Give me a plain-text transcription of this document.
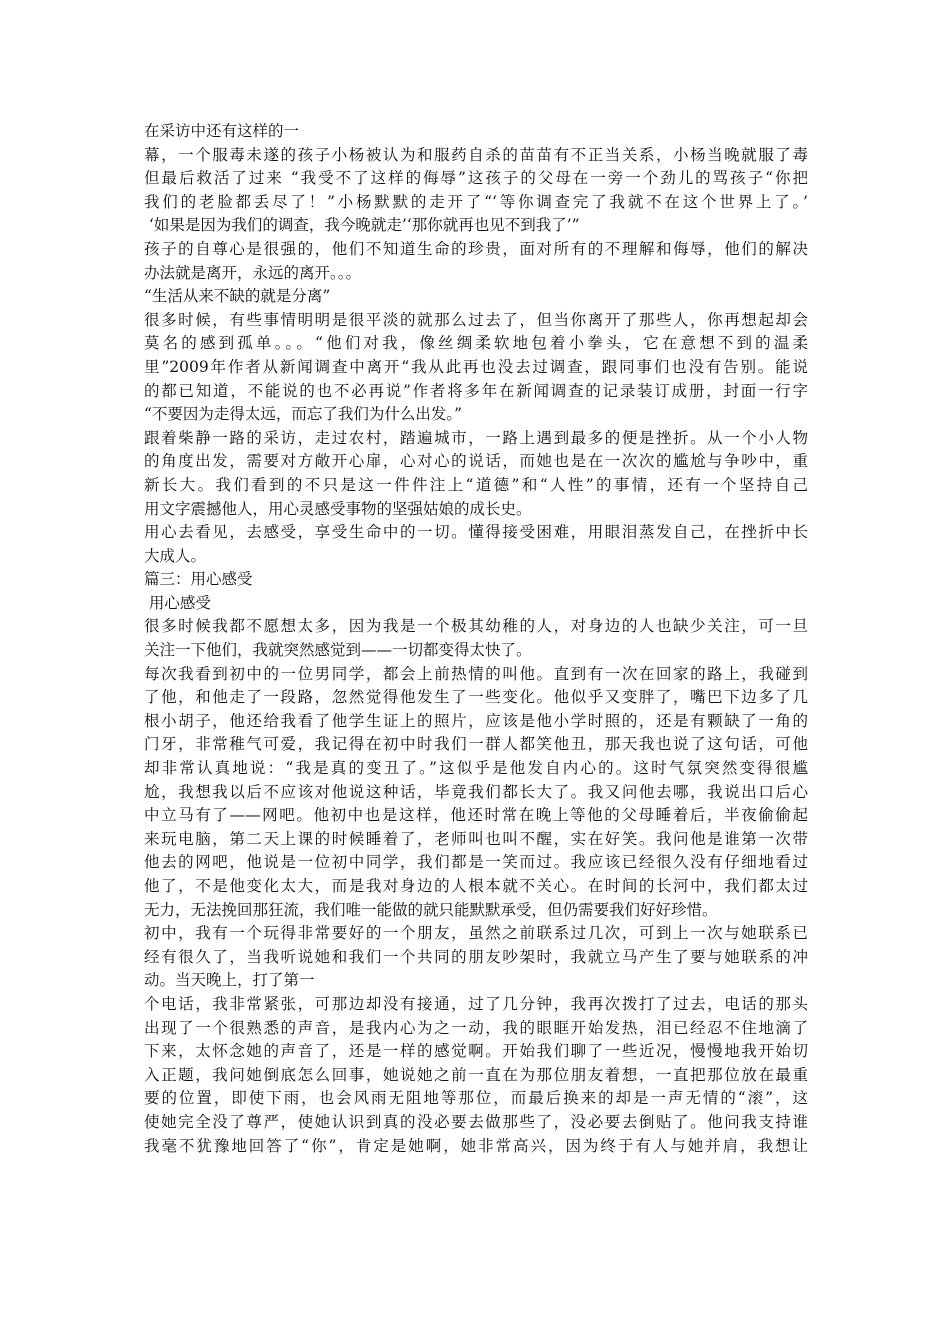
在采访中还有这样的一
幕，一个服毒未遂的孩子小杨被认为和服药自杀的苗苗有不正当关系，小杨当晚就服了毒
但最后救活了过来 “我受不了这样的侮辱”这孩子的父母在一旁一个劲儿的骂孩子“你把
我们的老脸都丢尽了！”小杨默默的走开了“‘等你调查完了我就不在这个世界上了。’
‘如果是因为我们的调查，我今晚就走’‘那你就再也见不到我了’”
孩子的自尊心是很强的，他们不知道生命的珍贵，面对所有的不理解和侮辱，他们的解决
办法就是离开，永远的离开。。。
“生活从来不缺的就是分离”
很多时候，有些事情明明是很平淡的就那么过去了，但当你离开了那些人，你再想起却会
莫名的感到孤单。。。“他们对我，像丝绸柔软地包着小拳头，它在意想不到的温柔
里”2009年作者从新闻调查中离开“我从此再也没去过调查，跟同事们也没有告别。能说
的都已知道，不能说的也不必再说”作者将多年在新闻调查的记录装订成册，封面一行字
“不要因为走得太远，而忘了我们为什么出发。”
跟着柴静一路的采访，走过农村，踏遍城市，一路上遇到最多的便是挫折。从一个小人物
的角度出发，需要对方敞开心扉，心对心的说话，而她也是在一次次的尴尬与争吵中，重
新长大。我们看到的不只是这一件件注上“道德”和“人性”的事情，还有一个坚持自己
用文字震撼他人，用心灵感受事物的坚强姑娘的成长史。
用心去看见，去感受，享受生命中的一切。懂得接受困难，用眼泪蒸发自己，在挫折中长
大成人。
篇三：用心感受
用心感受
很多时候我都不愿想太多，因为我是一个极其幼稚的人，对身边的人也缺少关注，可一旦
关注一下他们，我就突然感觉到——一切都变得太快了。
每次我看到初中的一位男同学，都会上前热情的叫他。直到有一次在回家的路上，我碰到
了他，和他走了一段路，忽然觉得他发生了一些变化。他似乎又变胖了，嘴巴下边多了几
根小胡子，他还给我看了他学生证上的照片，应该是他小学时照的，还是有颗缺了一角的
门牙，非常稚气可爱，我记得在初中时我们一群人都笑他丑，那天我也说了这句话，可他
却非常认真地说：“我是真的变丑了。”这似乎是他发自内心的。这时气氛突然变得很尴
尬，我想我以后不应该对他说这种话，毕竟我们都长大了。我又问他去哪，我说出口后心
中立马有了——网吧。他初中也是这样，他还时常在晚上等他的父母睡着后，半夜偷偷起
来玩电脑，第二天上课的时候睡着了，老师叫也叫不醒，实在好笑。我问他是谁第一次带
他去的网吧，他说是一位初中同学，我们都是一笑而过。我应该已经很久没有仔细地看过
他了，不是他变化太大，而是我对身边的人根本就不关心。在时间的长河中，我们都太过
无力，无法挽回那狂流，我们唯一能做的就只能默默承受，但仍需要我们好好珍惜。
初中，我有一个玩得非常要好的一个朋友，虽然之前联系过几次，可到上一次与她联系已
经有很久了，当我听说她和我们一个共同的朋友吵架时，我就立马产生了要与她联系的冲
动。当天晚上，打了第一
个电话，我非常紧张，可那边却没有接通，过了几分钟，我再次拨打了过去，电话的那头
出现了一个很熟悉的声音，是我内心为之一动，我的眼眶开始发热，泪已经忍不住地滴了
下来，太怀念她的声音了，还是一样的感觉啊。开始我们聊了一些近况，慢慢地我开始切
入正题，我问她倒底怎么回事，她说她之前一直在为那位朋友着想，一直把那位放在最重
要的位置，即使下雨，也会风雨无阻地等那位，而最后换来的却是一声无情的“滚”，这
使她完全没了尊严，使她认识到真的没必要去做那些了，没必要去倒贴了。他问我支持谁
我毫不犹豫地回答了“你”，肯定是她啊，她非常高兴，因为终于有人与她并肩，我想让
